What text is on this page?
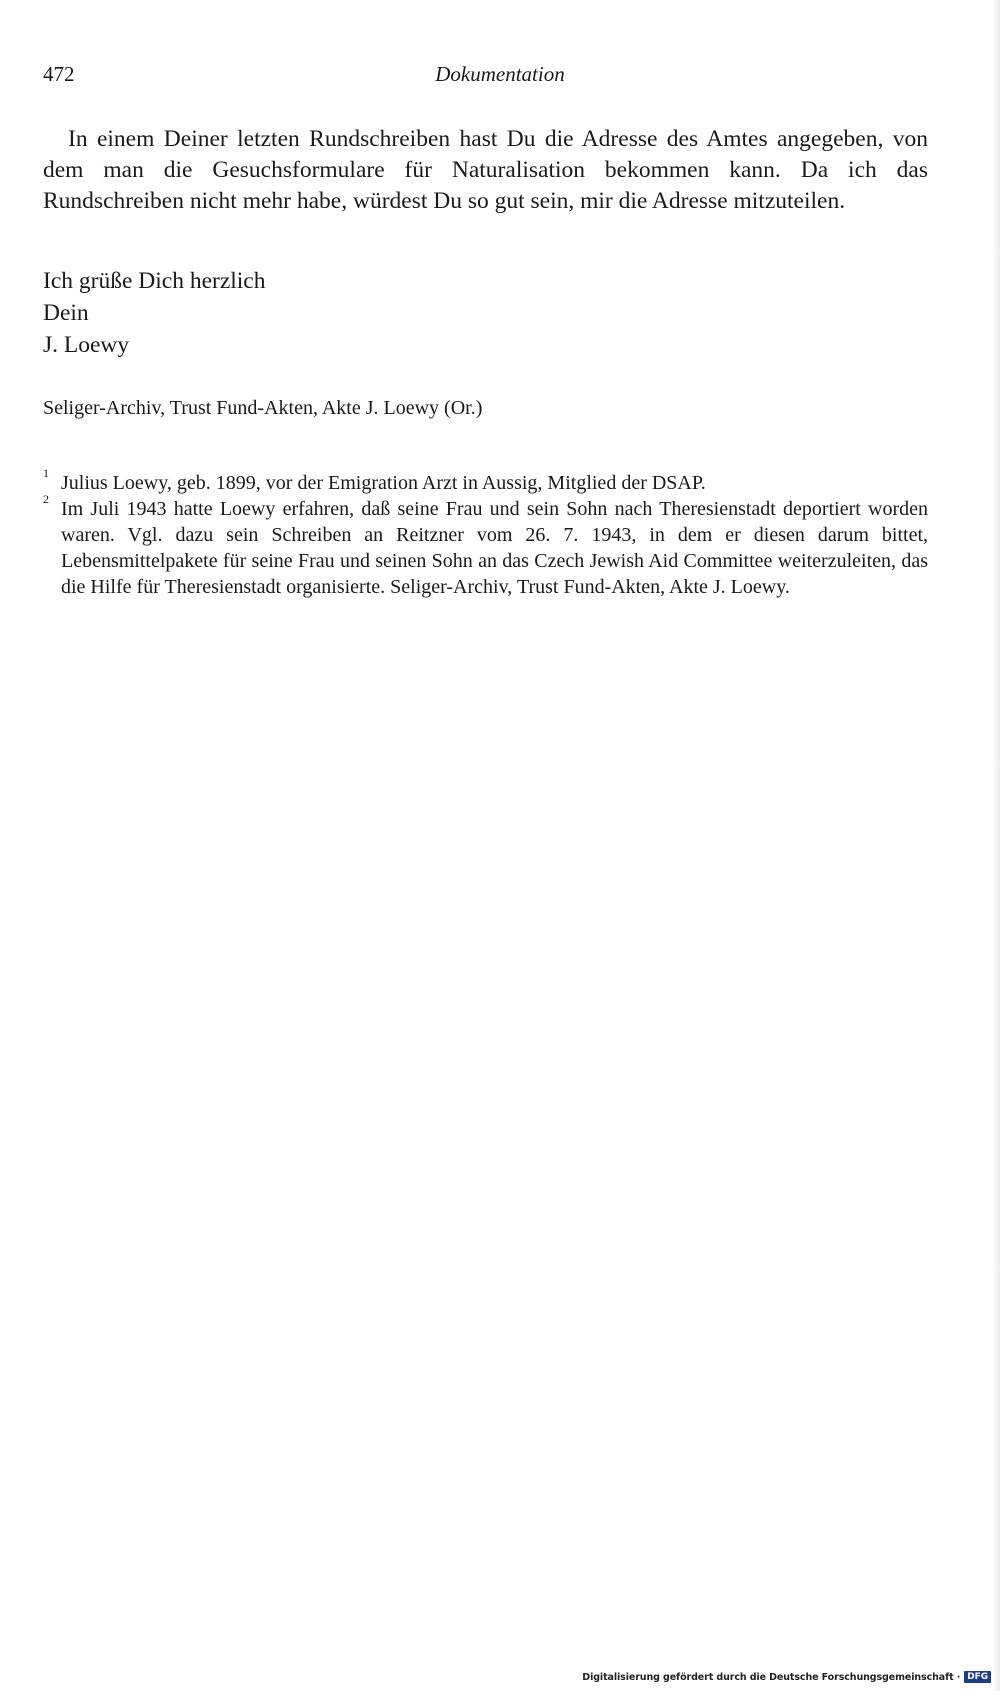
472	Dokumentation

In einem Deiner letzten Rundschreiben hast Du die Adresse des Amtes angegeben, von dem man die Gesuchsformulare für Naturalisation bekommen kann. Da ich das Rundschreiben nicht mehr habe, würdest Du so gut sein, mir die Adresse mitzuteilen.

Ich grüße Dich herzlich
Dein
J. Loewy
Seliger-Archiv, Trust Fund-Akten, Akte J. Loewy (Or.)
1 Julius Loewy, geb. 1899, vor der Emigration Arzt in Aussig, Mitglied der DSAP.
2 Im Juli 1943 hatte Loewy erfahren, daß seine Frau und sein Sohn nach Theresienstadt deportiert worden waren. Vgl. dazu sein Schreiben an Reitzner vom 26. 7. 1943, in dem er diesen darum bittet, Lebensmittelpakete für seine Frau und seinen Sohn an das Czech Jewish Aid Committee weiterzuleiten, das die Hilfe für Theresienstadt organisierte. Seliger-Archiv, Trust Fund-Akten, Akte J. Loewy.
Digitalisierung gefördert durch die Deutsche Forschungsgemeinschaft · DFG
